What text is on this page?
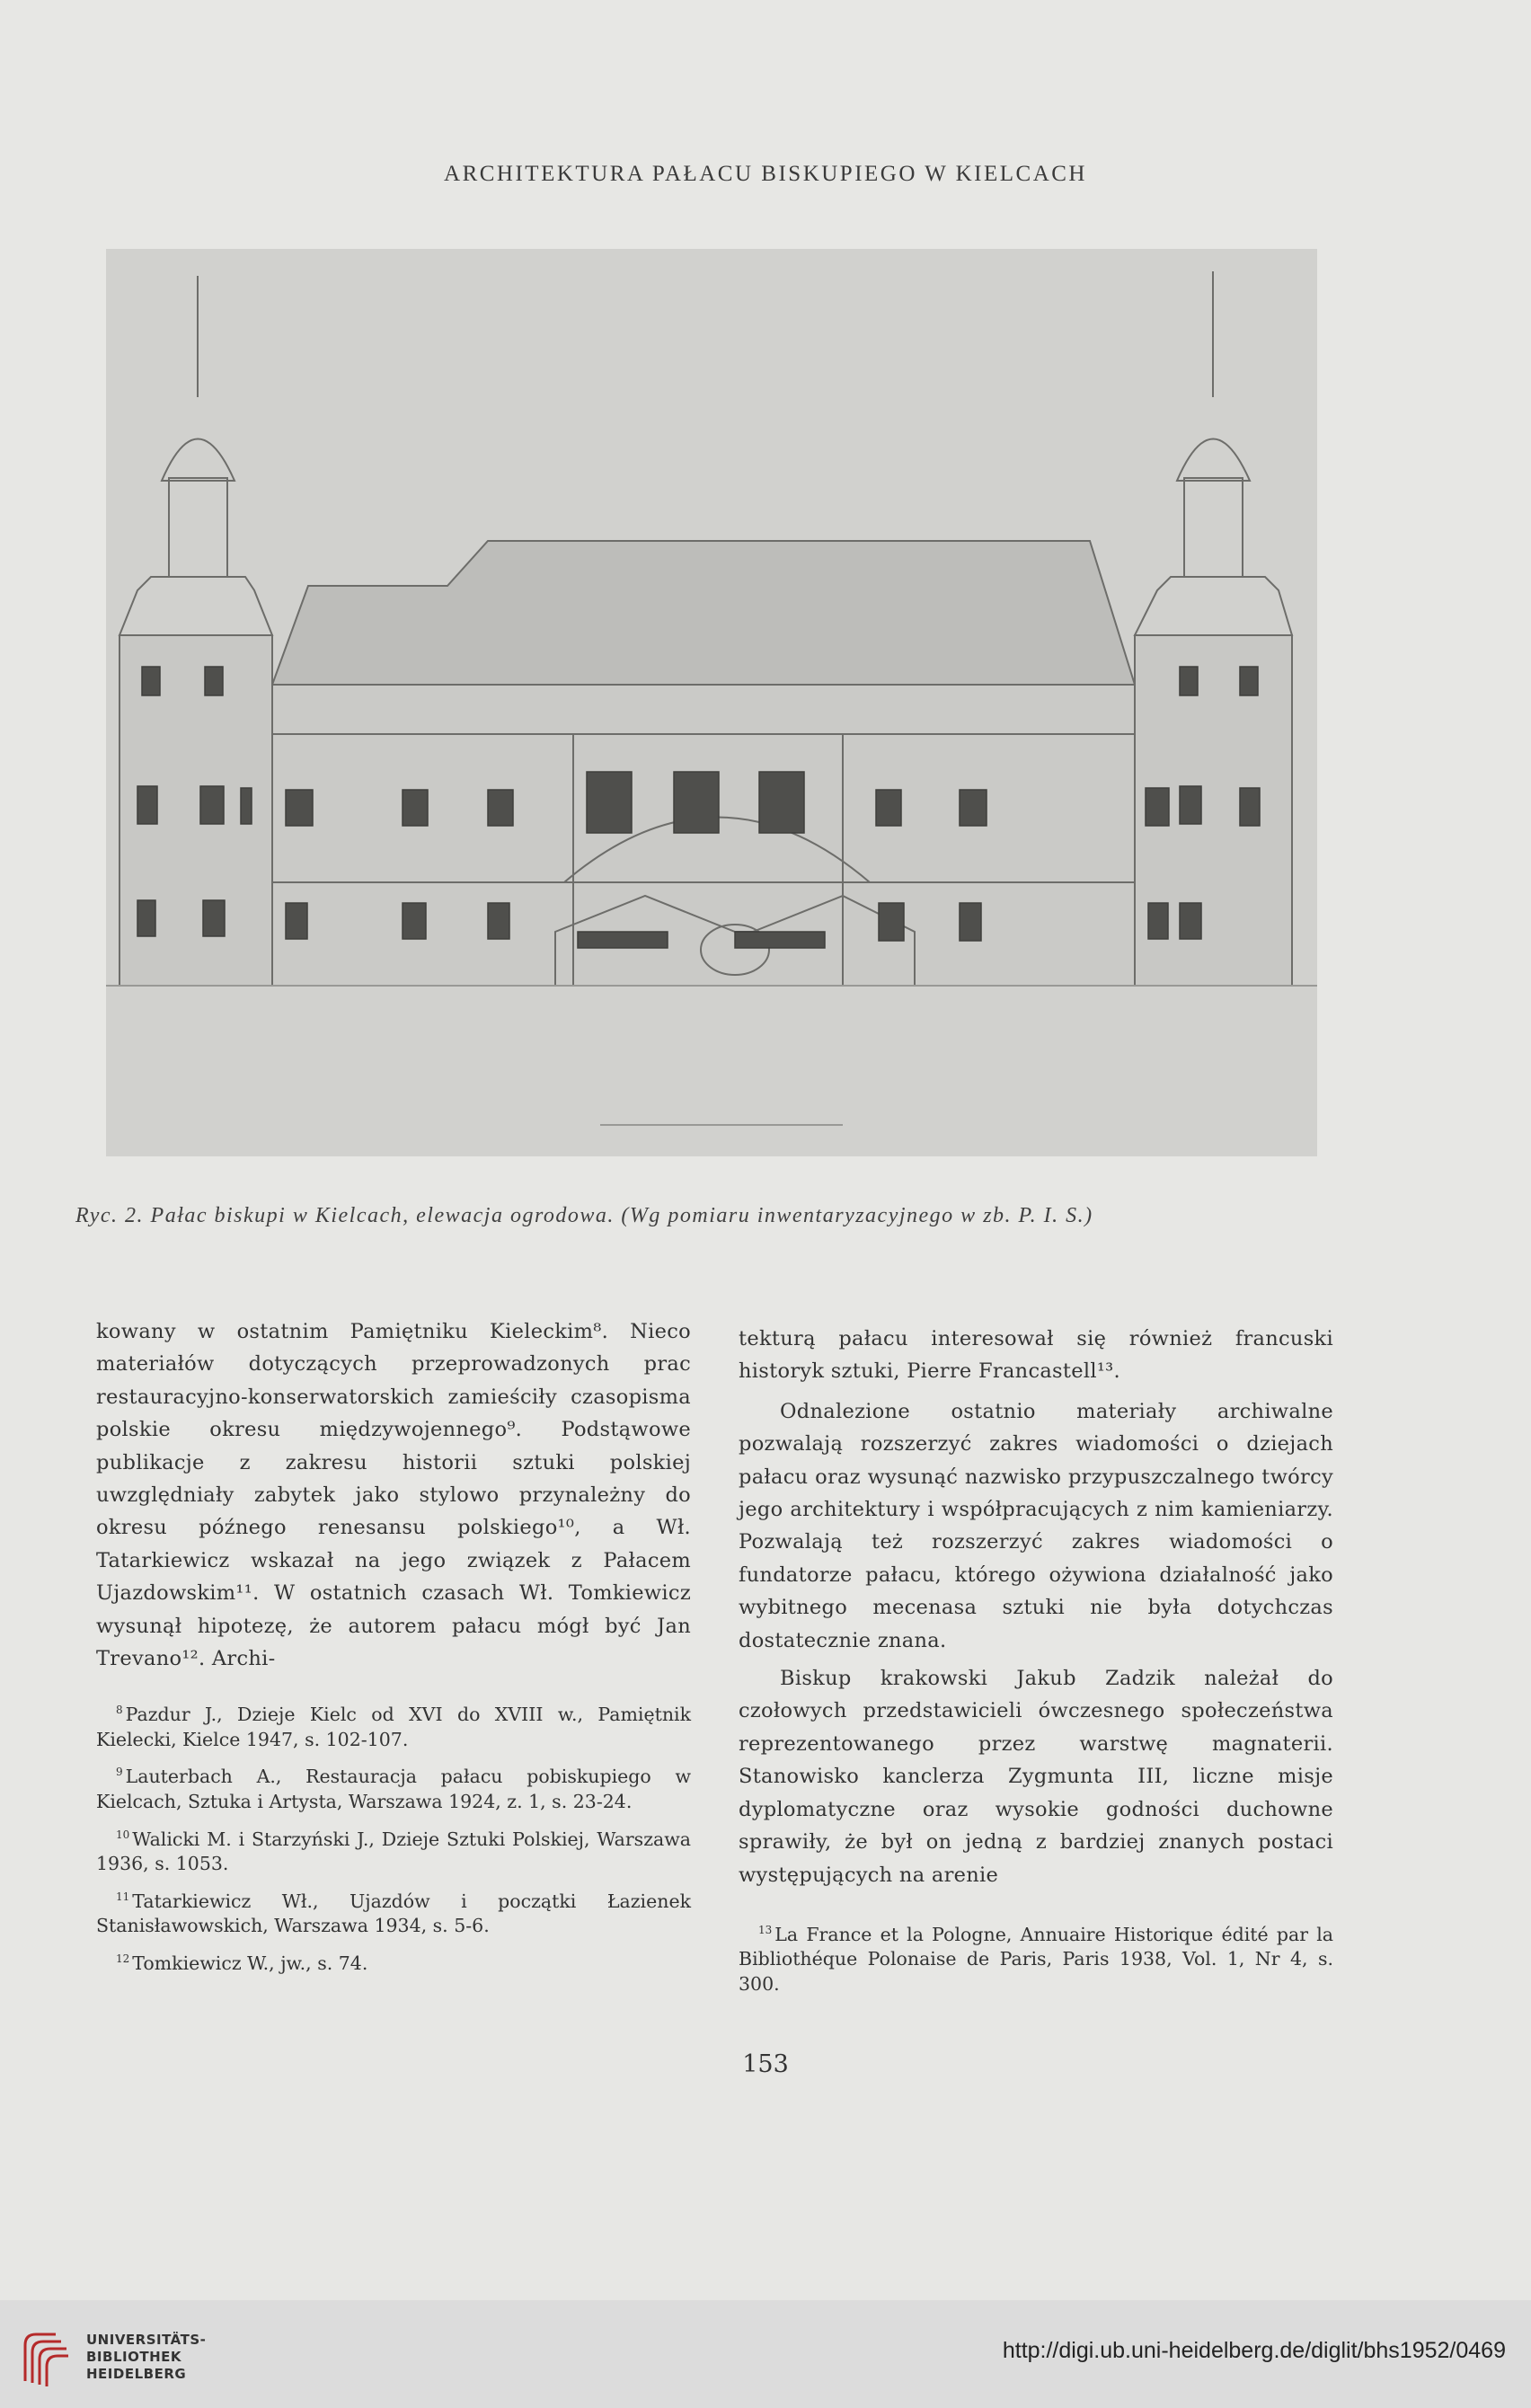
ARCHITEKTURA PAŁACU BISKUPIEGO W KIELCACH
Ryc. 2. Pałac biskupi w Kielcach, elewacja ogrodowa. (Wg pomiaru inwentaryzacyjnego w zb. P. I. S.)

kowany w ostatnim Pamiętniku Kieleckim⁸. Nieco materiałów dotyczących przeprowadzonych prac restauracyjno-konserwatorskich zamieściły czasopisma polskie okresu międzywojennego⁹. Podstąwowe publikacje z zakresu historii sztuki polskiej uwzględniały zabytek jako stylowo przynależny do okresu późnego renesansu polskiego¹⁰, a Wł. Tatarkiewicz wskazał na jego związek z Pałacem Ujazdowskim¹¹. W ostatnich czasach Wł. Tomkiewicz wysunął hipotezę, że autorem pałacu mógł być Jan Trevano¹². Archi-

$^8$ Pazdur J., Dzieje Kielc od XVI do XVIII w., Pamiętnik Kielecki, Kielce 1947, s. 102-107.

$^9$ Lauterbach A., Restauracja pałacu pobiskupiego w Kielcach, Sztuka i Artysta, Warszawa 1924, z. 1, s. 23-24.

$^{10}$ Walicki M. i Starzyński J., Dzieje Sztuki Polskiej, Warszawa 1936, s. 1053.

$^{11}$ Tatarkiewicz Wł., Ujazdów i początki Łazienek Stanisławowskich, Warszawa 1934, s. 5-6.

$^{12}$ Tomkiewicz W., jw., s. 74.

tekturą pałacu interesował się również francuski historyk sztuki, Pierre Francastell¹³.

Odnalezione ostatnio materiały archiwalne pozwalają rozszerzyć zakres wiadomości o dziejach pałacu oraz wysunąć nazwisko przypuszczalnego twórcy jego architektury i współpracujących z nim kamieniarzy. Pozwalają też rozszerzyć zakres wiadomości o fundatorze pałacu, którego ożywiona działalność jako wybitnego mecenasa sztuki nie była dotychczas dostatecznie znana.

Biskup krakowski Jakub Zadzik należał do czołowych przedstawicieli ówczesnego społeczeństwa reprezentowanego przez warstwę magnaterii. Stanowisko kanclerza Zygmunta III, liczne misje dyplomatyczne oraz wysokie godności duchowne sprawiły, że był on jedną z bardziej znanych postaci występujących na arenie

$^{13}$ La France et la Pologne, Annuaire Historique édité par la Bibliothéque Polonaise de Paris, Paris 1938, Vol. 1, Nr 4, s. 300.

153
UNIVERSITÄTS-
BIBLIOTHEK
HEIDELBERG
http://digi.ub.uni-heidelberg.de/diglit/bhs1952/0469
